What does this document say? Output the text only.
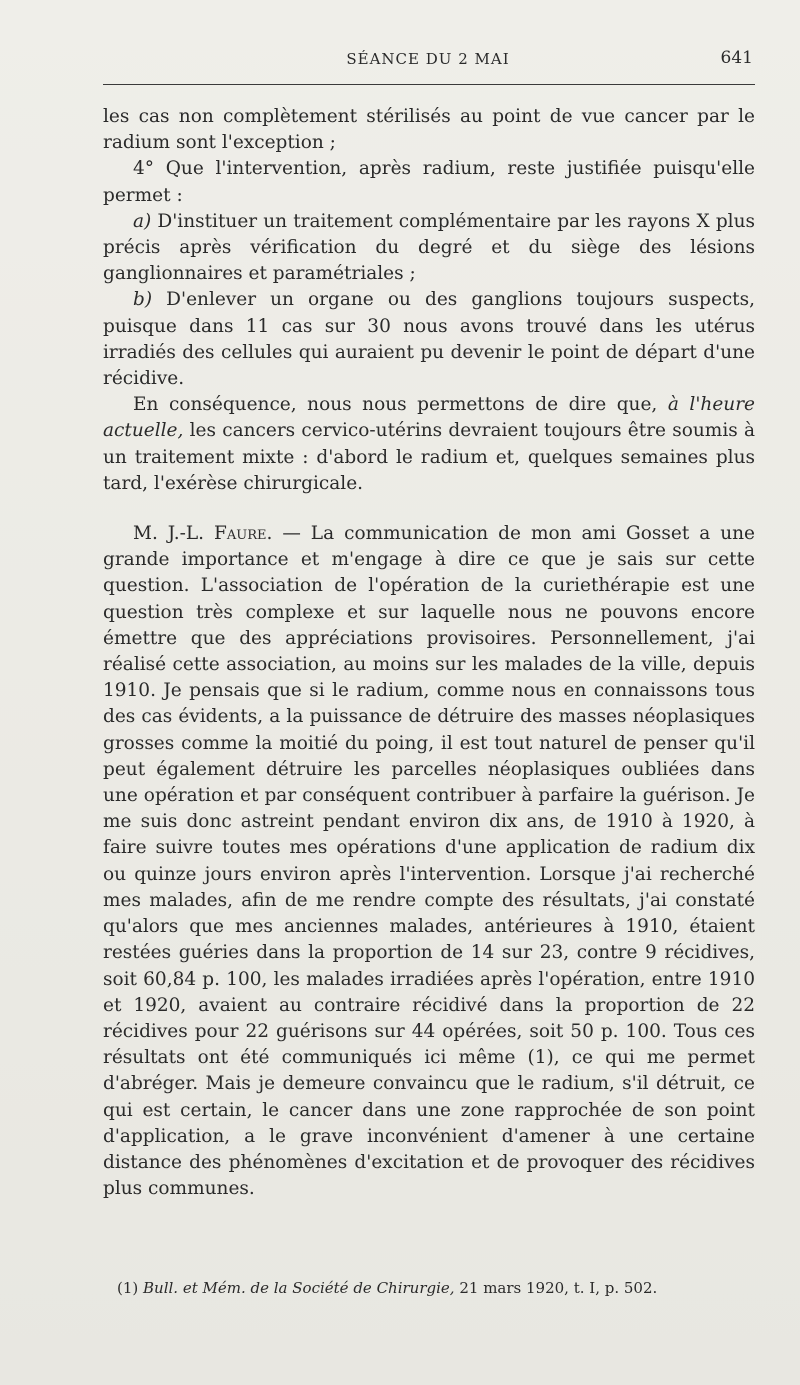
SÉANCE DU 2 MAI	641

les cas non complètement stérilisés au point de vue cancer par le radium sont l'exception ;

4° Que l'intervention, après radium, reste justifiée puisqu'elle permet :

a) D'instituer un traitement complémentaire par les rayons X plus précis après vérification du degré et du siège des lésions ganglionnaires et paramétriales ;

b) D'enlever un organe ou des ganglions toujours suspects, puisque dans 11 cas sur 30 nous avons trouvé dans les utérus irradiés des cellules qui auraient pu devenir le point de départ d'une récidive.

En conséquence, nous nous permettons de dire que, à l'heure actuelle, les cancers cervico-utérins devraient toujours être soumis à un traitement mixte : d'abord le radium et, quelques semaines plus tard, l'exérèse chirurgicale.

M. J.-L. Faure. — La communication de mon ami Gosset a une grande importance et m'engage à dire ce que je sais sur cette question. L'association de l'opération de la curiethérapie est une question très complexe et sur laquelle nous ne pouvons encore émettre que des appréciations provisoires. Personnellement, j'ai réalisé cette association, au moins sur les malades de la ville, depuis 1910. Je pensais que si le radium, comme nous en connaissons tous des cas évidents, a la puissance de détruire des masses néoplasiques grosses comme la moitié du poing, il est tout naturel de penser qu'il peut également détruire les parcelles néoplasiques oubliées dans une opération et par conséquent contribuer à parfaire la guérison. Je me suis donc astreint pendant environ dix ans, de 1910 à 1920, à faire suivre toutes mes opérations d'une application de radium dix ou quinze jours environ après l'intervention. Lorsque j'ai recherché mes malades, afin de me rendre compte des résultats, j'ai constaté qu'alors que mes anciennes malades, antérieures à 1910, étaient restées guéries dans la proportion de 14 sur 23, contre 9 récidives, soit 60,84 p. 100, les malades irradiées après l'opération, entre 1910 et 1920, avaient au contraire récidivé dans la proportion de 22 récidives pour 22 guérisons sur 44 opérées, soit 50 p. 100. Tous ces résultats ont été communiqués ici même (1), ce qui me permet d'abréger. Mais je demeure convaincu que le radium, s'il détruit, ce qui est certain, le cancer dans une zone rapprochée de son point d'application, a le grave inconvénient d'amener à une certaine distance des phénomènes d'excitation et de provoquer des récidives plus communes.

(1) Bull. et Mém. de la Société de Chirurgie, 21 mars 1920, t. I, p. 502.
